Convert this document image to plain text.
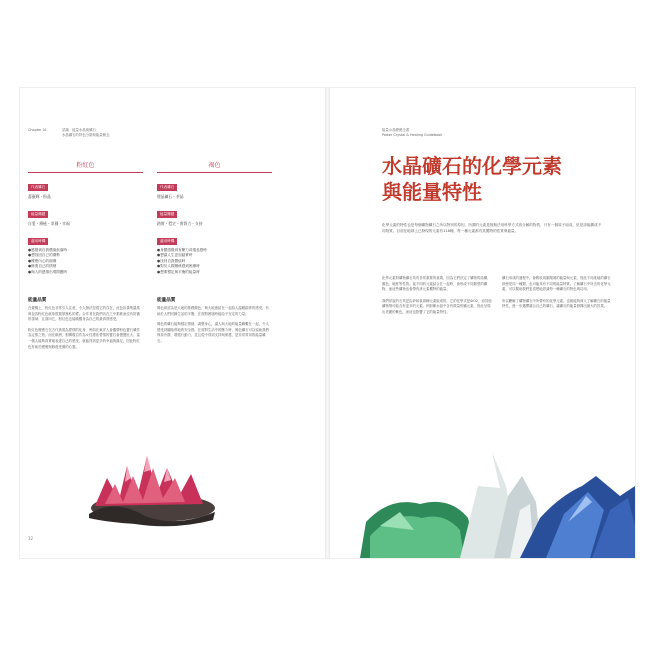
Chapter 01	認識　能量水晶與礦石
水晶礦石的特色分類與能量概念
粉紅色
代表礦石
薔薇輝・粉晶
能量關鍵
自愛・療癒・寧靜・幸福
適用時機
●感覺到自我價值低落時
●想找回自己的優勢
●療癒內心的創傷
●修復自己的情緒
●與人的感情出現問題時
能量品質
在覺醒上，粉紅色非常引人注意，令人無法忽視它的存在，此色彩彙集溫柔與包容粉紅色就象徵寬厚無私的愛。合作者在我們內在之中柔軟而沒有防備的領域；且面向它，粉紅色也能喚醒身為自己的最真實感受。
粉紅色療癒石在古代被視為愛情的化身，例如在東洋人會攜帶粉色寶石礦作為定情之物，而在歐洲，相傳親自作為女性護佑愛情的寶石會慢慢壯大。當一個人能夠真實地表達自己的感受，就能得到更多的幸福與滿足，因此粉紅色有助於療癒與修復受傷的心靈。
褐色
代表礦石
煙晶礦石・茶晶
能量關鍵
踏實・穩定・實際力・支持
適用時機
●身體感覺到有壓力或倦怠感時
●想讓人生更加踏實時
●找回自我價值時
●對於人際關係感到困擾時
●想要穩定與平衡的能量時
能量品質
褐色被認為是大地的基礎顏色，與大地連結在一起給人溫暖踏實的感受，有助於人們回歸生活的平衡，在面對困境時能給予安定的力量。
褐色的礦石能夠穩定情緒、調整身心，讓人與大地的能量聯繫在一起，令人感受到腳踏實地的安全感。在面對生活中的壓力時，褐色礦石可以協助我們保持冷靜，增強行動力，並且從中得到支持與保護，是非常實用的能量礦石。
32
能量水晶療癒全書
Power Crystal & Healing Guidebook
水晶礦石的化學元素
與能量特性
化學元素的特性也是每個礦物礦石之所以特別的原因，所謂的元素是指無法用科學方式再分解的物質，只有一個原子組成，但是卻能構成不同物質。目前在地球上已發現的元素有118種，每一種元素都有其獨特的性質與能量。
化學元素對礦物礦石具有非常重要的意義，因為它們決定了礦物的結構、顏色、硬度等性質。當不同的元素結合在一起時，會形成不同類型的礦物，而這些礦物也會帶有該元素獨特的能量。
我們常說的石英是由矽和氧兩種元素組成的，它的化學式是SiO2，而其他礦物則可能含有更多的元素。例如紫水晶中含有微量的鐵元素，因此呈現出美麗的紫色，而這也影響了它的能量特性。
礦石形成的過程中，會吸收周圍環境的能量與元素，因此不同產地的礦石即使是同一種類，也可能具有不同的能量特質。了解礦石中所含的化學元素，可以幫助我們更清楚地認識每一種礦石的特色與功用。
所以瞭解了礦物礦石中所帶有的化學元素，也就能夠深入了解礦石的能量特性，進一步選擇適合自己的礦石，讓礦石的能量發揮出最大的效果。
